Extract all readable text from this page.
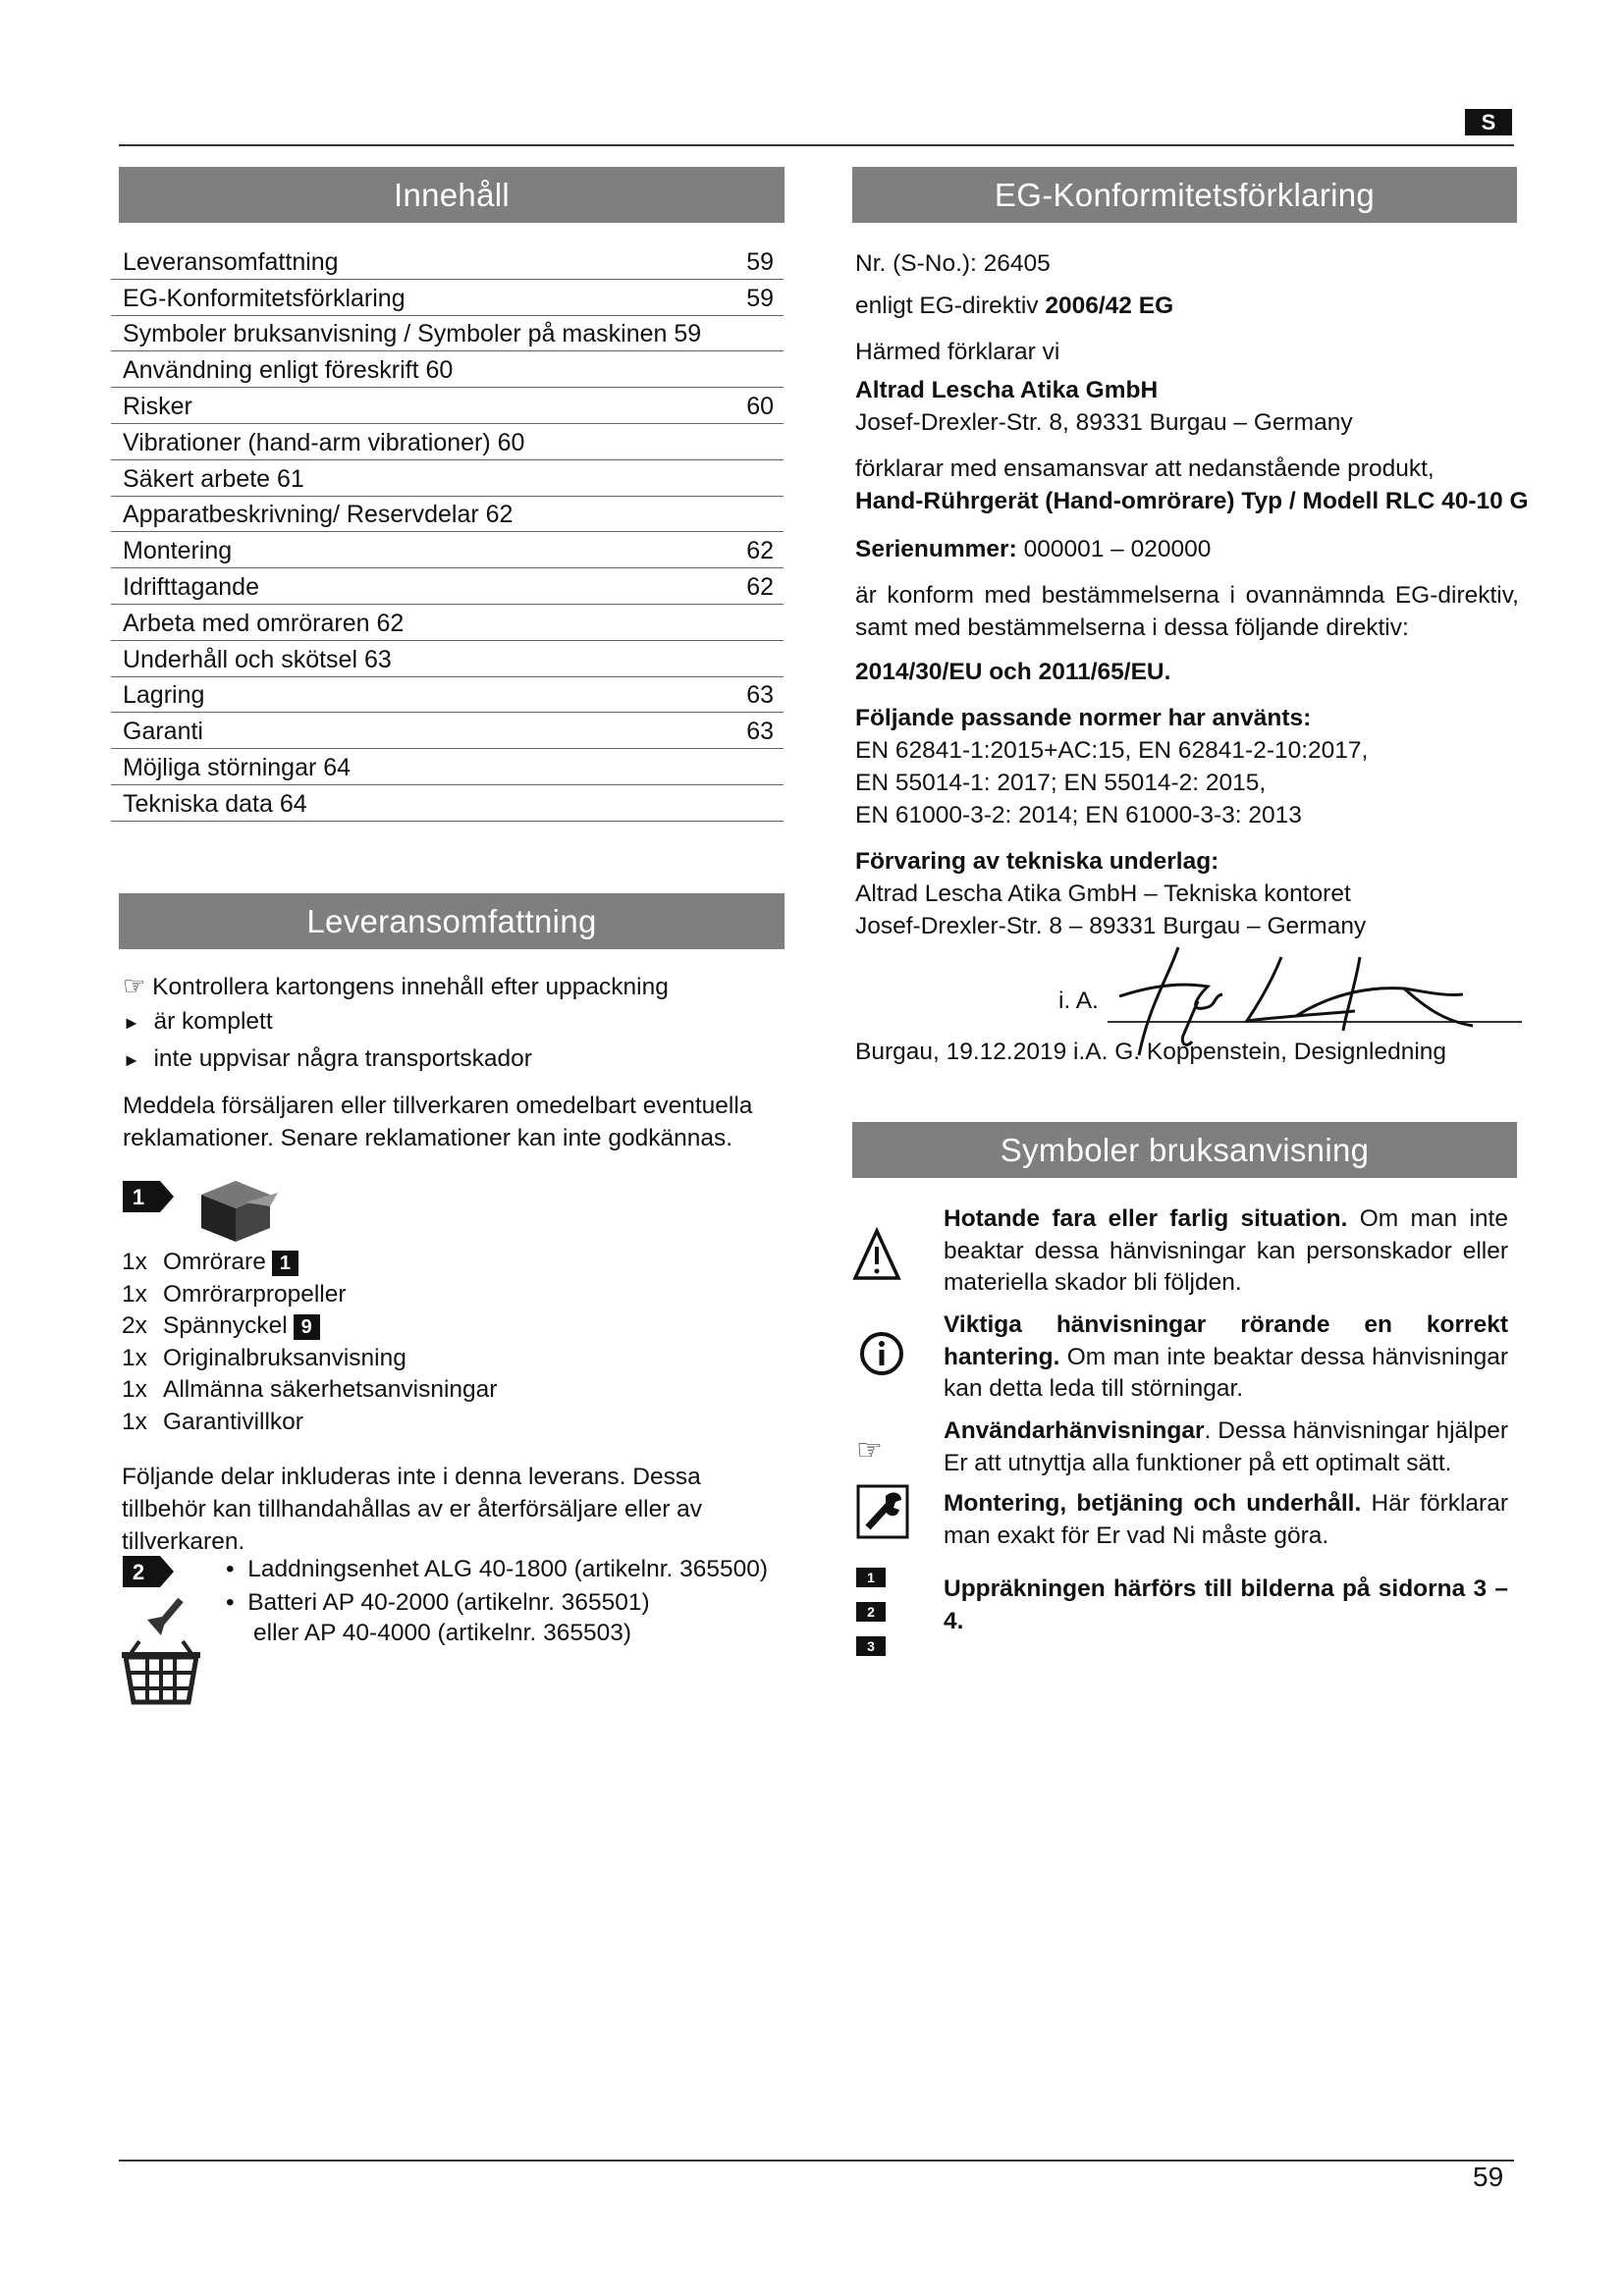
S
Innehåll
Leveransomfattning	59
EG-Konformitetsförklaring	59
Symboler bruksanvisning / Symboler på maskinen 59
Användning enligt föreskrift 60
Risker	60
Vibrationer (hand-arm vibrationer) 60
Säkert arbete 61
Apparatbeskrivning/ Reservdelar 62
Montering	62
Idrifttagande	62
Arbeta med omröraren 62
Underhåll och skötsel 63
Lagring	63
Garanti	63
Möjliga störningar 64
Tekniska data 64
Leveransomfattning
☞ Kontrollera kartongens innehåll efter uppackning
► är komplett
► inte uppvisar några transportskador
Meddela försäljaren eller tillverkaren omedelbart eventuella reklamationer. Senare reklamationer kan inte godkännas.
1
1x Omrörare 1
1x Omrörarpropeller
2x Spännyckel 9
1x Originalbruksanvisning
1x Allmänna säkerhetsanvisningar
1x Garantivillkor
Följande delar inkluderas inte i denna leverans. Dessa tillbehör kan tillhandahållas av er återförsäljare eller av tillverkaren.
2	•  Laddningsenhet ALG 40-1800 (artikelnr. 365500)
•  Batteri AP 40-2000 (artikelnr. 365501)
eller AP 40-4000 (artikelnr. 365503)
EG-Konformitetsförklaring
Nr. (S-No.): 26405
enligt EG-direktiv 2006/42 EG
Härmed förklarar vi
Altrad Lescha Atika GmbH
Josef-Drexler-Str. 8, 89331 Burgau – Germany
förklarar med ensamansvar att nedanstående produkt,
Hand-Rührgerät (Hand-omrörare) Typ / Modell RLC 40-10 G
Serienummer: 000001 – 020000
är konform med bestämmelserna i ovannämnda EG-direktiv, samt med bestämmelserna i dessa följande direktiv:
2014/30/EU och 2011/65/EU.
Följande passande normer har använts:
EN 62841-1:2015+AC:15, EN 62841-2-10:2017,
EN 55014-1: 2017; EN 55014-2: 2015,
EN 61000-3-2: 2014; EN 61000-3-3: 2013
Förvaring av tekniska underlag:
Altrad Lescha Atika GmbH – Tekniska kontoret
Josef-Drexler-Str. 8 – 89331 Burgau – Germany
i. A.
Burgau, 19.12.2019 i.A. G. Koppenstein, Designledning
Symboler bruksanvisning
☞
Hotande fara eller farlig situation. Om man inte beaktar dessa hänvisningar kan personskador eller materiella skador bli följden.
Viktiga hänvisningar rörande en korrekt hantering. Om man inte beaktar dessa hänvisningar kan detta leda till störningar.
Användarhänvisningar. Dessa hänvisningar hjälper Er att utnyttja alla funktioner på ett optimalt sätt.
Montering, betjäning och underhåll. Här förklarar man exakt för Er vad Ni måste göra.
1
2
3
Uppräkningen härförs till bilderna på sidorna 3 – 4.
59
